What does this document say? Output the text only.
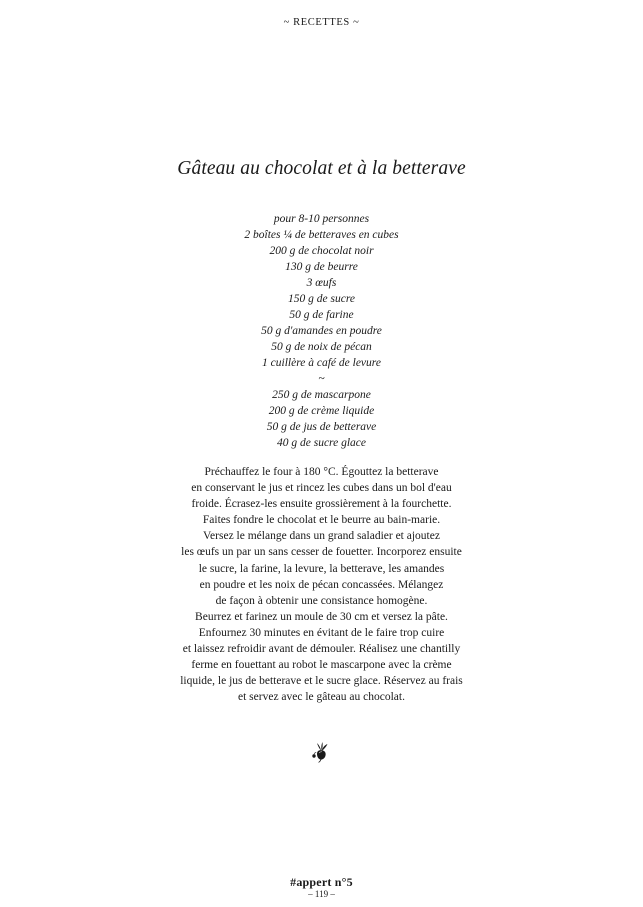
~ RECETTES ~
Gâteau au chocolat et à la betterave
pour 8-10 personnes
2 boîtes ¼ de betteraves en cubes
200 g de chocolat noir
130 g de beurre
3 œufs
150 g de sucre
50 g de farine
50 g d'amandes en poudre
50 g de noix de pécan
1 cuillère à café de levure
~
250 g de mascarpone
200 g de crème liquide
50 g de jus de betterave
40 g de sucre glace
Préchauffez le four à 180 °C. Égouttez la betterave
en conservant le jus et rincez les cubes dans un bol d'eau
froide. Écrasez-les ensuite grossièrement à la fourchette.
Faites fondre le chocolat et le beurre au bain-marie.
Versez le mélange dans un grand saladier et ajoutez
les œufs un par un sans cesser de fouetter. Incorporez ensuite
le sucre, la farine, la levure, la betterave, les amandes
en poudre et les noix de pécan concassées. Mélangez
de façon à obtenir une consistance homogène.
Beurrez et farinez un moule de 30 cm et versez la pâte.
Enfournez 30 minutes en évitant de le faire trop cuire
et laissez refroidir avant de démouler. Réalisez une chantilly
ferme en fouettant au robot le mascarpone avec la crème
liquide, le jus de betterave et le sucre glace. Réservez au frais
et servez avec le gâteau au chocolat.
#appert n°5
– 119 –
